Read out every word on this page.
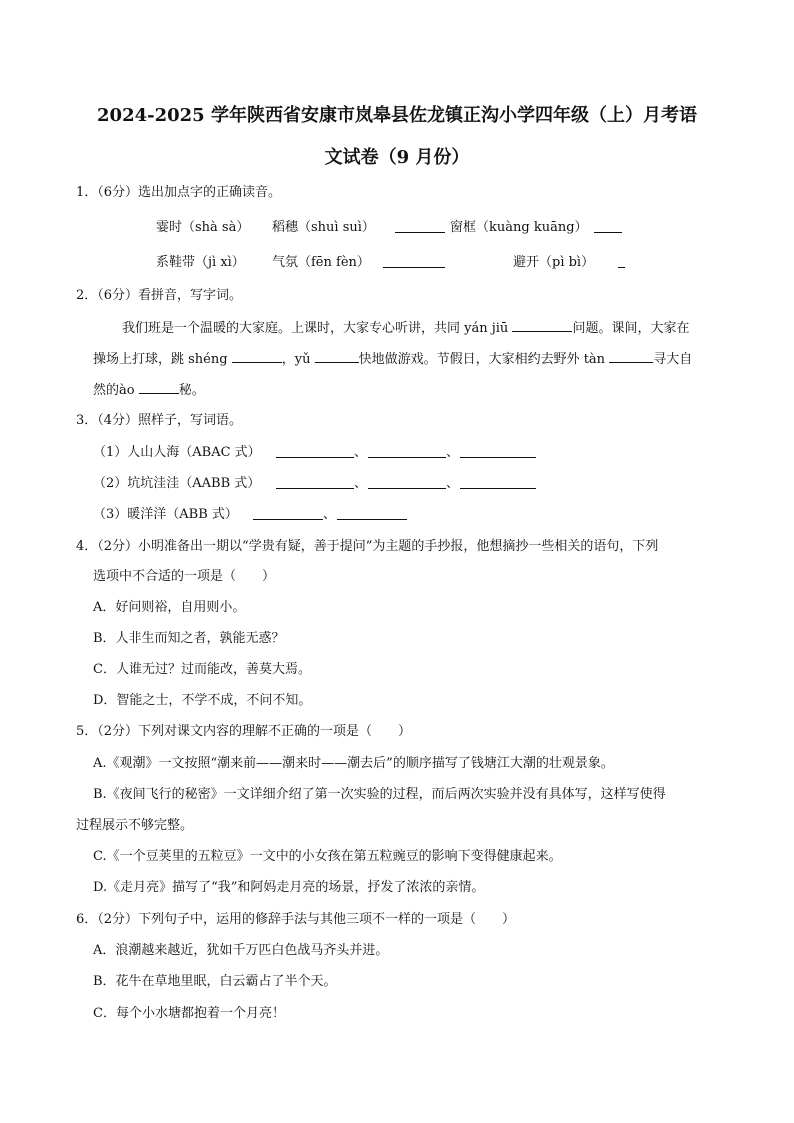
2024-2025 学年陕西省安康市岚皋县佐龙镇正沟小学四年级（上）月考语
文试卷（9 月份）
1．（6分）选出加点字的正确读音。
霎时（shà sà） 稻穗（shuì suì）	窗框（kuàng kuāng）
系鞋带（jì xì） 气氛（fēn fèn）	避开（pì bì）
2．（6分）看拼音，写字词。
我们班是一个温暖的大家庭。上课时，大家专心听讲，共同 yán jiū	问题。课间，大家在
操场上打球，跳 shéng	，yǔ	快地做游戏。节假日，大家相约去野外 tàn	寻大自
然的ào	秘。
3．（4分）照样子，写词语。
（1）人山人海（ABAC 式）	、	、
（2）坑坑洼洼（AABB 式）	、	、
（3）暖洋洋（ABB 式）	、
4．（2分）小明准备出一期以“学贵有疑，善于提问”为主题的手抄报，他想摘抄一些相关的语句，下列
选项中不合适的一项是（　　）
A．好问则裕，自用则小。
B．人非生而知之者，孰能无惑？
C．人谁无过？过而能改，善莫大焉。
D．智能之士，不学不成，不问不知。
5．（2分）下列对课文内容的理解不正确的一项是（　　）
A.《观潮》一文按照“潮来前——潮来时——潮去后”的顺序描写了钱塘江大潮的壮观景象。
B.《夜间飞行的秘密》一文详细介绍了第一次实验的过程，而后两次实验并没有具体写，这样写使得
过程展示不够完整。
C.《一个豆荚里的五粒豆》一文中的小女孩在第五粒豌豆的影响下变得健康起来。
D.《走月亮》描写了“我”和阿妈走月亮的场景，抒发了浓浓的亲情。
6．（2分）下列句子中，运用的修辞手法与其他三项不一样的一项是（　　）
A．浪潮越来越近，犹如千万匹白色战马齐头并进。
B．花牛在草地里眠，白云霸占了半个天。
C．每个小水塘都抱着一个月亮！
